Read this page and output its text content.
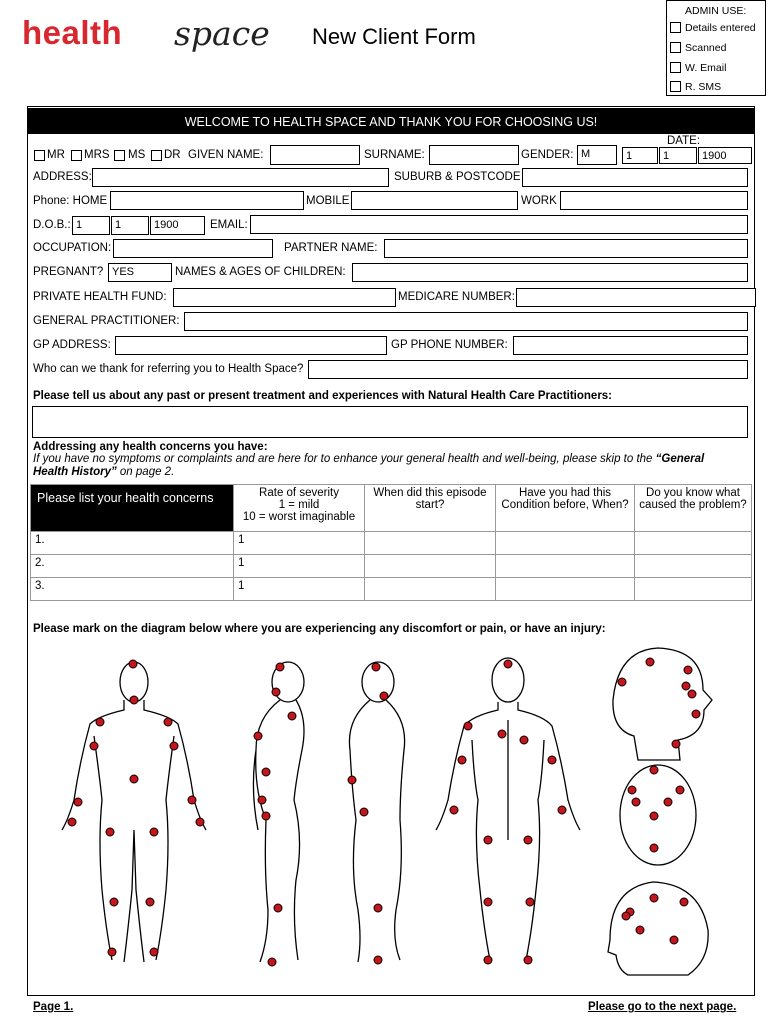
health space New Client Form
ADMIN USE:
Details entered
Scanned
W. Email
R. SMS
WELCOME TO HEALTH SPACE AND THANK YOU FOR CHOOSING US!
DATE:
1	1	1900
MR MRS MS DR GIVEN NAME:	SURNAME:	GENDER: M
ADDRESS:	SUBURB & POSTCODE
Phone: HOME	MOBILE	WORK
D.O.B.: 1	1	1900	EMAIL:
OCCUPATION:	PARTNER NAME:
PREGNANT? YES	NAMES & AGES OF CHILDREN:
PRIVATE HEALTH FUND:	MEDICARE NUMBER:
GENERAL PRACTITIONER:
GP ADDRESS:	GP PHONE NUMBER:
Who can we thank for referring you to Health Space?
Please tell us about any past or present treatment and experiences with Natural Health Care Practitioners:
Addressing any health concerns you have:
If you have no symptoms or complaints and are here for to enhance your general health and well-being, please skip to the “General Health History” on page 2.
Please list your health concerns	Rate of severity
1 = mild
10 = worst imaginable	When did this episode start?	Have you had this Condition before, When?	Do you know what caused the problem?
1.	1			
2.	1			
3.	1			
Please mark on the diagram below where you are experiencing any discomfort or pain, or have an injury:
Page 1.	Please go to the next page.
